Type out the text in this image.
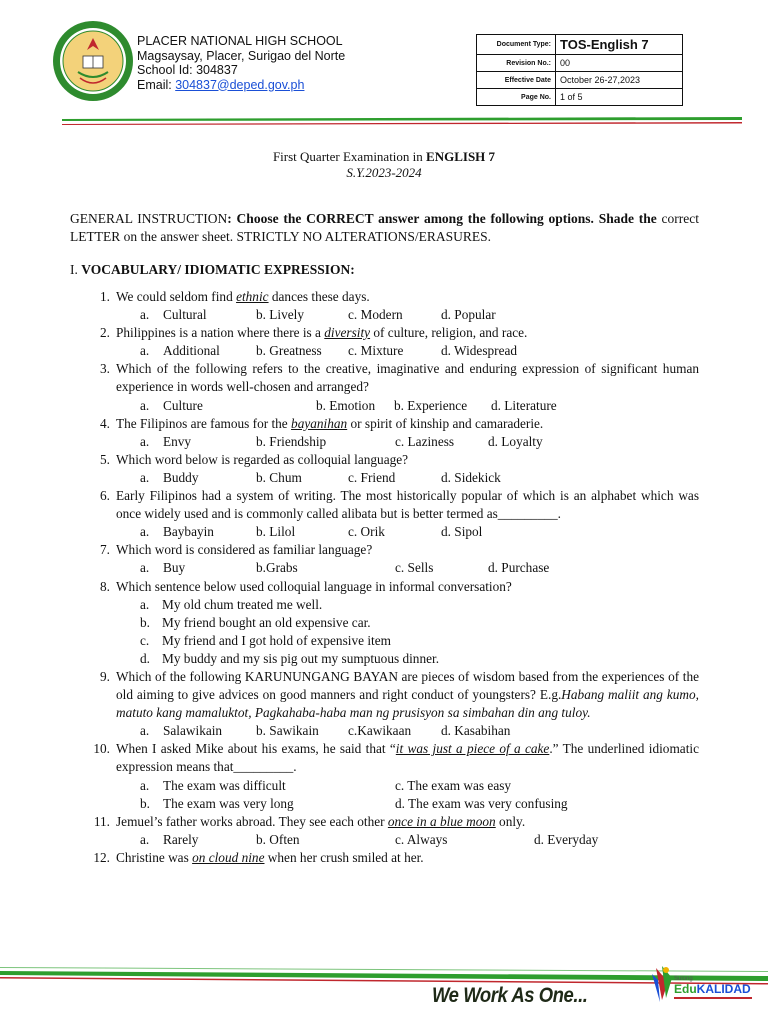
PLACER NATIONAL HIGH SCHOOL
Magsaysay, Placer, Surigao del Norte
School Id: 304837
Email: 304837@deped.gov.ph
Document Type:	TOS-English 7
Revision No.:	00
Effective Date	October 26-27,2023
Page No.	1 of 5
First Quarter Examination in ENGLISH 7
S.Y.2023-2024
GENERAL INSTRUCTION: Choose the CORRECT answer among the following options. Shade the correct LETTER on the answer sheet. STRICTLY NO ALTERATIONS/ERASURES.
I. VOCABULARY/ IDIOMATIC EXPRESSION:
1. We could seldom find ethnic dances these days.
a. Cultural	b. Lively	c. Modern	d. Popular
2. Philippines is a nation where there is a diversity of culture, religion, and race.
a. Additional	b. Greatness c. Mixture	d. Widespread
3. Which of the following refers to the creative, imaginative and enduring expression of significant human experience in words well-chosen and arranged?
a. Culture	b. Emotion b. Experience d. Literature
4. The Filipinos are famous for the bayanihan or spirit of kinship and camaraderie.
a. Envy	b. Friendship	c. Laziness	d. Loyalty
5. Which word below is regarded as colloquial language?
a. Buddy	b. Chum	c. Friend	d. Sidekick
6. Early Filipinos had a system of writing. The most historically popular of which is an alphabet which was once widely used and is commonly called alibata but is better termed as_________.
a. Baybayin	b. Lilol	c. Orik	d. Sipol
7. Which word is considered as familiar language?
a. Buy	b.Grabs	c. Sells	d. Purchase
8. Which sentence below used colloquial language in informal conversation?
a. My old chum treated me well.
b. My friend bought an old expensive car.
c. My friend and I got hold of expensive item
d. My buddy and my sis pig out my sumptuous dinner.
9. Which of the following KARUNUNGANG BAYAN are pieces of wisdom based from the experiences of the old aiming to give advices on good manners and right conduct of youngsters? E.g.Habang maliit ang kumo, matuto kang mamaluktot, Pagkahaba-haba man ng prusisyon sa simbahan din ang tuloy.
a. Salawikain	b. Sawikain c.Kawikaan d. Kasabihan
10. When I asked Mike about his exams, he said that “it was just a piece of a cake.” The underlined idiomatic expression means that_________.
a. The exam was difficult	c. The exam was easy
b. The exam was very long	d. The exam was very confusing
11. Jemuel’s father works abroad. They see each other once in a blue moon only.
a. Rarely	b. Often	c. Always	d. Everyday
12. Christine was on cloud nine when her crush smiled at her.
We Work As One...
Sulong
EduKALIDAD
